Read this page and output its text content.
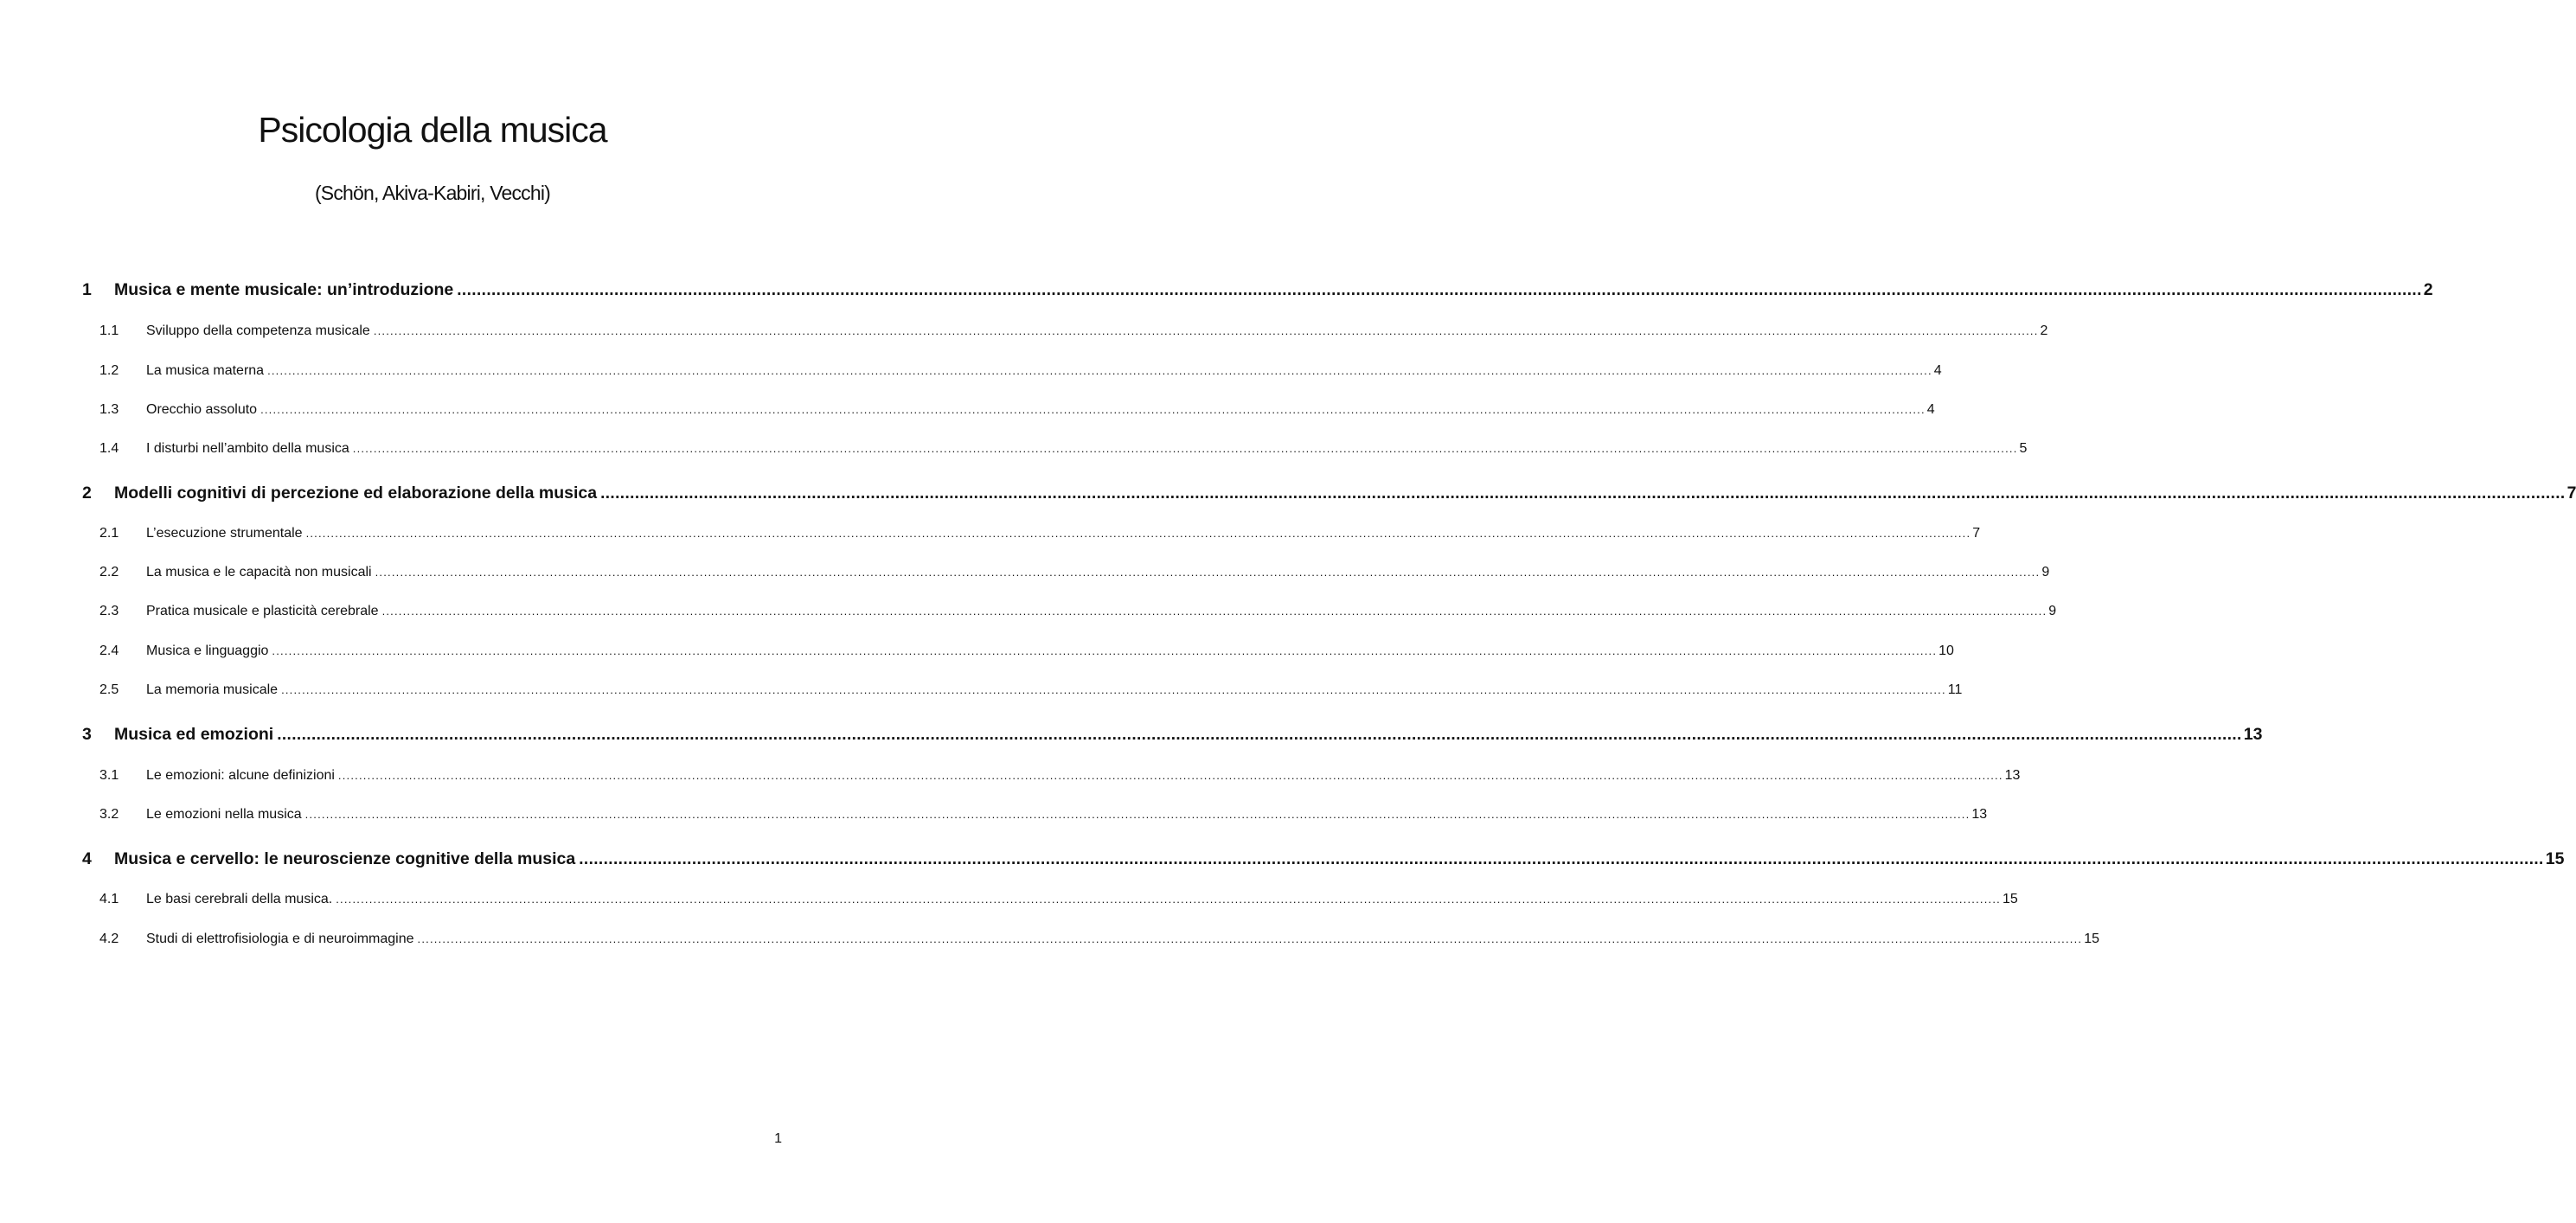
Psicologia della musica
(Schön, Akiva-Kabiri, Vecchi)
1	Musica e mente musicale: un’introduzione ................................................................................................................................................................................................................................................................................................................................................................................................................ 2
1.1	Sviluppo della competenza musicale ................................................................................................................................................................................................................................................................................................................................................................................................................ 2
1.2	La musica materna ................................................................................................................................................................................................................................................................................................................................................................................................................ 4
1.3	Orecchio assoluto ................................................................................................................................................................................................................................................................................................................................................................................................................ 4
1.4	I disturbi nell’ambito della musica ................................................................................................................................................................................................................................................................................................................................................................................................................ 5
2	Modelli cognitivi di percezione ed elaborazione della musica ................................................................................................................................................................................................................................................................................................................................................................................................................ 7
2.1	L’esecuzione strumentale ................................................................................................................................................................................................................................................................................................................................................................................................................ 7
2.2	La musica e le capacità non musicali ................................................................................................................................................................................................................................................................................................................................................................................................................ 9
2.3	Pratica musicale e plasticità cerebrale ................................................................................................................................................................................................................................................................................................................................................................................................................ 9
2.4	Musica e linguaggio ................................................................................................................................................................................................................................................................................................................................................................................................................ 10
2.5	La memoria musicale ................................................................................................................................................................................................................................................................................................................................................................................................................ 11
3	Musica ed emozioni ................................................................................................................................................................................................................................................................................................................................................................................................................ 13
3.1	Le emozioni: alcune definizioni ................................................................................................................................................................................................................................................................................................................................................................................................................ 13
3.2	Le emozioni nella musica ................................................................................................................................................................................................................................................................................................................................................................................................................ 13
4	Musica e cervello: le neuroscienze cognitive della musica ................................................................................................................................................................................................................................................................................................................................................................................................................ 15
4.1	Le basi cerebrali della musica. ................................................................................................................................................................................................................................................................................................................................................................................................................ 15
4.2	Studi di elettrofisiologia e di neuroimmagine ................................................................................................................................................................................................................................................................................................................................................................................................................ 15
1
